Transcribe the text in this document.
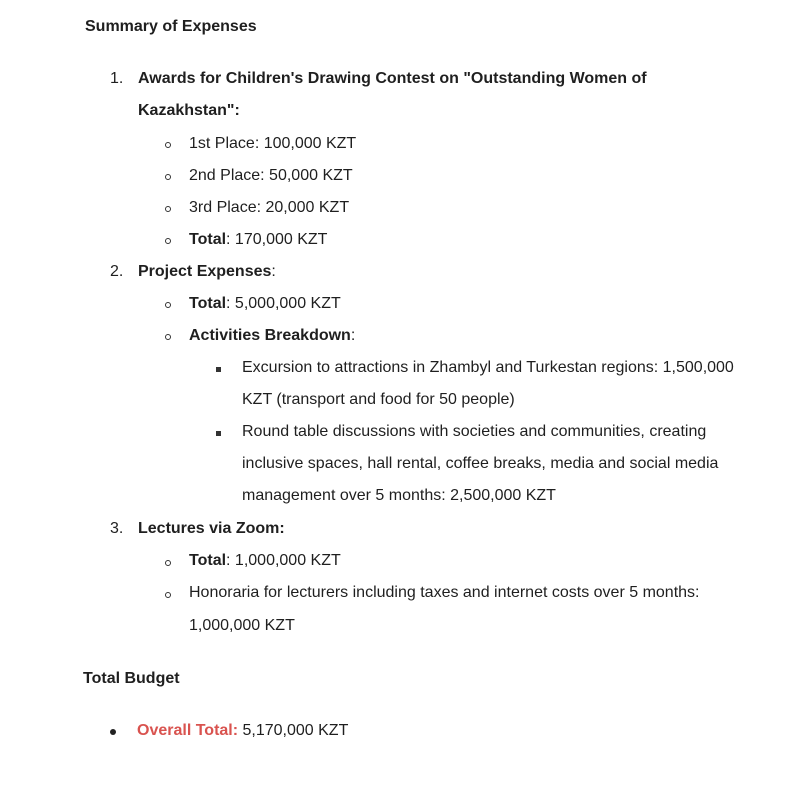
Summary of Expenses
1. Awards for Children's Drawing Contest on "Outstanding Women of
Kazakhstan":
1st Place: 100,000 KZT
2nd Place: 50,000 KZT
3rd Place: 20,000 KZT
Total: 170,000 KZT
2. Project Expenses:
Total: 5,000,000 KZT
Activities Breakdown:
Excursion to attractions in Zhambyl and Turkestan regions: 1,500,000
KZT (transport and food for 50 people)
Round table discussions with societies and communities, creating
inclusive spaces, hall rental, coffee breaks, media and social media
management over 5 months: 2,500,000 KZT
3. Lectures via Zoom:
Total: 1,000,000 KZT
Honoraria for lecturers including taxes and internet costs over 5 months:
1,000,000 KZT
Total Budget
Overall Total: 5,170,000 KZT
